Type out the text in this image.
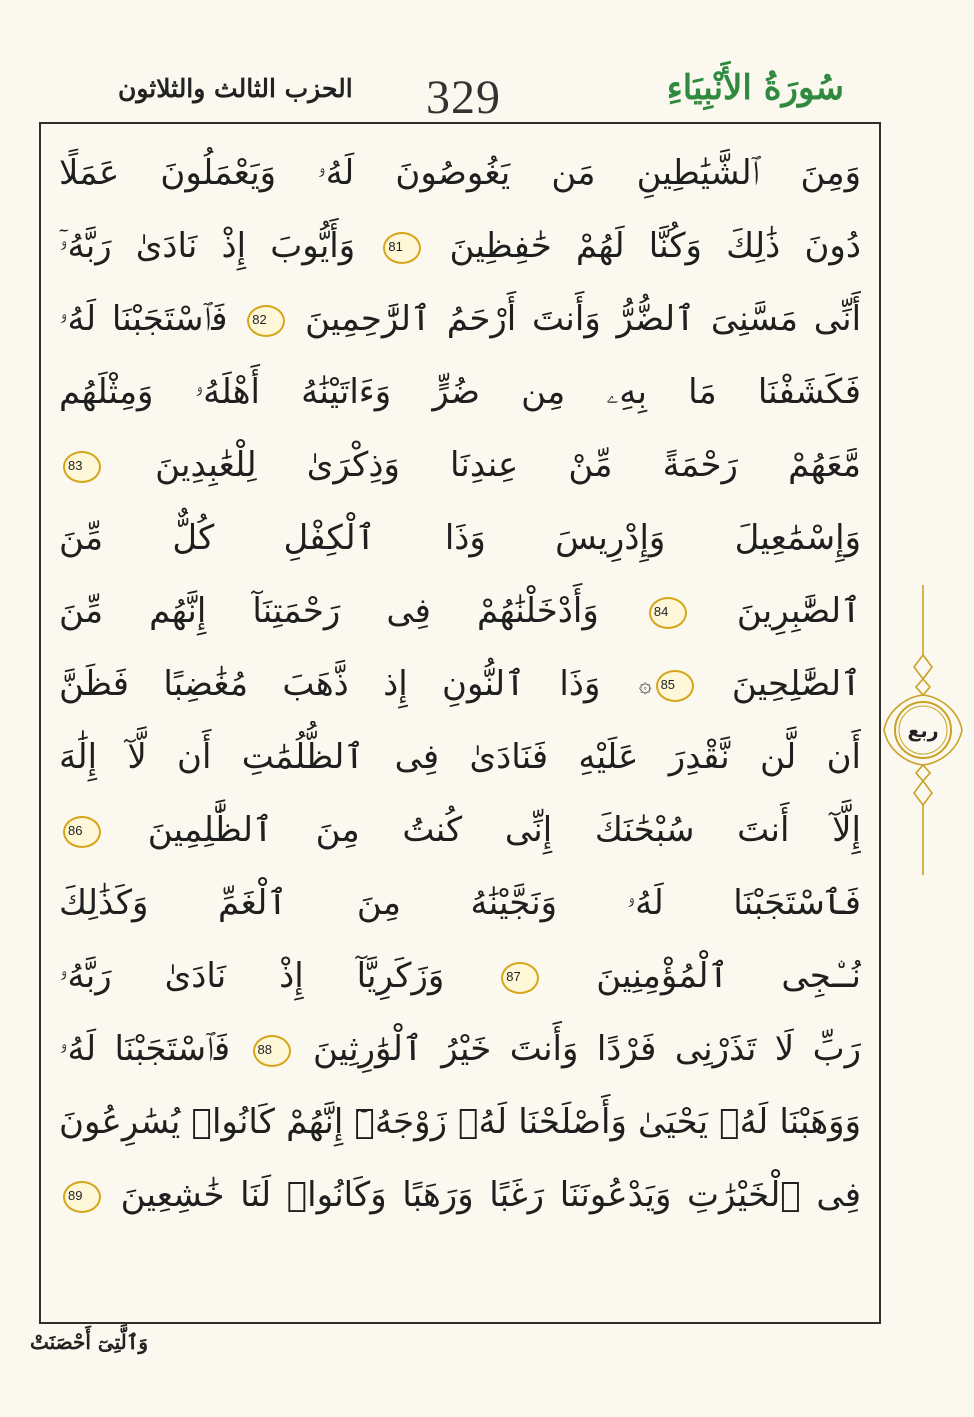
سُورَةُ الأَنْبِيَاءِ
329
الحزب الثالث والثلاثون
وَمِنَ ٱلشَّيَٰطِينِ مَن يَغُوصُونَ لَهُۥ وَيَعْمَلُونَ عَمَلًا
دُونَ ذَٰلِكَ وَكُنَّا لَهُمْ حَٰفِظِينَ 81 وَأَيُّوبَ إِذْ نَادَىٰ رَبَّهُۥٓ
أَنِّى مَسَّنِىَ ٱلضُّرُّ وَأَنتَ أَرْحَمُ ٱلرَّٰحِمِينَ 82 فَٱسْتَجَبْنَا لَهُۥ
فَكَشَفْنَا مَا بِهِۦ مِن ضُرٍّ وَءَاتَيْنَٰهُ أَهْلَهُۥ وَمِثْلَهُم
مَّعَهُمْ رَحْمَةً مِّنْ عِندِنَا وَذِكْرَىٰ لِلْعَٰبِدِينَ 83
وَإِسْمَٰعِيلَ وَإِدْرِيسَ وَذَا ٱلْكِفْلِ كُلٌّ مِّنَ
ٱلصَّٰبِرِينَ 84 وَأَدْخَلْنَٰهُمْ فِى رَحْمَتِنَآ إِنَّهُم مِّنَ
ٱلصَّٰلِحِينَ 85۞ وَذَا ٱلنُّونِ إِذ ذَّهَبَ مُغَٰضِبًا فَظَنَّ
أَن لَّن نَّقْدِرَ عَلَيْهِ فَنَادَىٰ فِى ٱلظُّلُمَٰتِ أَن لَّآ إِلَٰهَ
إِلَّآ أَنتَ سُبْحَٰنَكَ إِنِّى كُنتُ مِنَ ٱلظَّٰلِمِينَ 86
فَٱسْتَجَبْنَا لَهُۥ وَنَجَّيْنَٰهُ مِنَ ٱلْغَمِّ وَكَذَٰلِكَ
نُـۨجِى ٱلْمُؤْمِنِينَ 87 وَزَكَرِيَّآ إِذْ نَادَىٰ رَبَّهُۥ
رَبِّ لَا تَذَرْنِى فَرْدًا وَأَنتَ خَيْرُ ٱلْوَٰرِثِينَ 88 فَٱسْتَجَبْنَا لَهُۥ
وَوَهَبْنَا لَهُۥ يَحْيَىٰ وَأَصْلَحْنَا لَهُۥ زَوْجَهُۥٓ إِنَّهُمْ كَانُوا۟ يُسَٰرِعُونَ
فِى ٱلْخَيْرَٰتِ وَيَدْعُونَنَا رَغَبًا وَرَهَبًا وَكَانُوا۟ لَنَا خَٰشِعِينَ 89
ربع
وَٱلَّتِىٓ أَحْصَنَتْ
